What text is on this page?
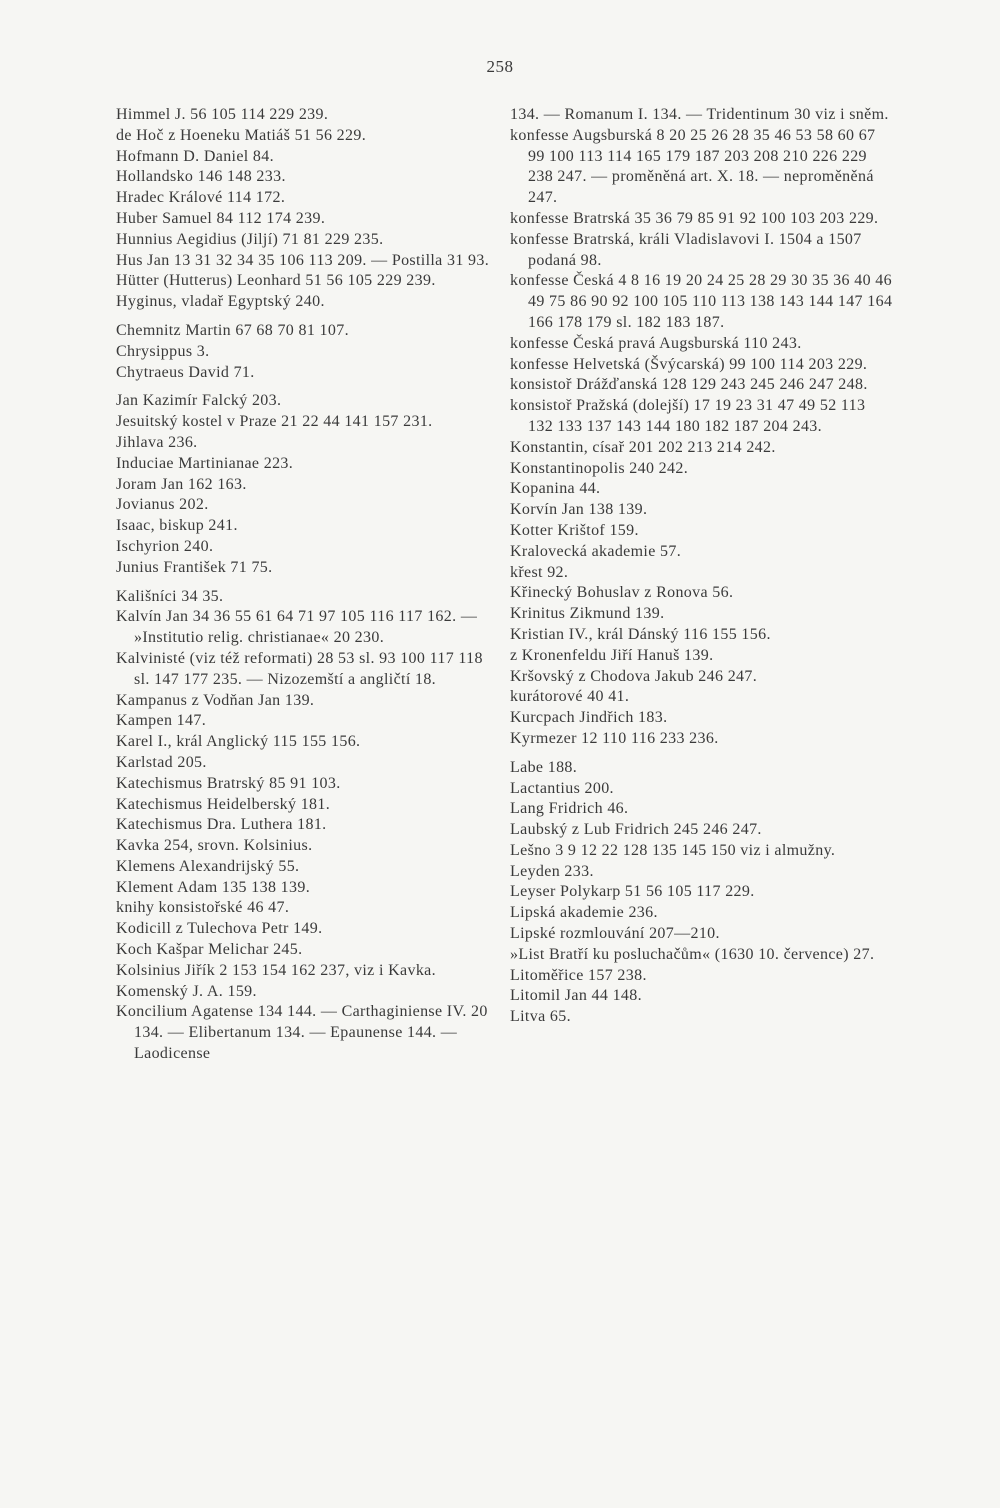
258
Himmel J. 56 105 114 229 239.
de Hoč z Hoeneku Matiáš 51 56 229.
Hofmann D. Daniel 84.
Hollandsko 146 148 233.
Hradec Králové 114 172.
Huber Samuel 84 112 174 239.
Hunnius Aegidius (Jiljí) 71 81 229 235.
Hus Jan 13 31 32 34 35 106 113 209. — Postilla 31 93.
Hütter (Hutterus) Leonhard 51 56 105 229 239.
Hyginus, vladař Egyptský 240.
Chemnitz Martin 67 68 70 81 107.
Chrysippus 3.
Chytraeus David 71.
Jan Kazimír Falcký 203.
Jesuitský kostel v Praze 21 22 44 141 157 231.
Jihlava 236.
Induciae Martinianae 223.
Joram Jan 162 163.
Jovianus 202.
Isaac, biskup 241.
Ischyrion 240.
Junius František 71 75.
Kališníci 34 35.
Kalvín Jan 34 36 55 61 64 71 97 105 116 117 162. — »Institutio relig. christianae« 20 230.
Kalvinisté (viz též reformati) 28 53 sl. 93 100 117 118 sl. 147 177 235. — Nizozemští a angličtí 18.
Kampanus z Vodňan Jan 139.
Kampen 147.
Karel I., král Anglický 115 155 156.
Karlstad 205.
Katechismus Bratrský 85 91 103.
Katechismus Heidelberský 181.
Katechismus Dra. Luthera 181.
Kavka 254, srovn. Kolsinius.
Klemens Alexandrijský 55.
Klement Adam 135 138 139.
knihy konsistořské 46 47.
Kodicill z Tulechova Petr 149.
Koch Kašpar Melichar 245.
Kolsinius Jiřík 2 153 154 162 237, viz i Kavka.
Komenský J. A. 159.
Koncilium Agatense 134 144. — Carthaginiense IV. 20 134. — Elibertanum 134. — Epaunense 144. — Laodicense
134. — Romanum I. 134. — Tridentinum 30 viz i sněm.
konfesse Augsburská 8 20 25 26 28 35 46 53 58 60 67 99 100 113 114 165 179 187 203 208 210 226 229 238 247. — proměněná art. X. 18. — neproměněná 247.
konfesse Bratrská 35 36 79 85 91 92 100 103 203 229.
konfesse Bratrská, králi Vladislavovi I. 1504 a 1507 podaná 98.
konfesse Česká 4 8 16 19 20 24 25 28 29 30 35 36 40 46 49 75 86 90 92 100 105 110 113 138 143 144 147 164 166 178 179 sl. 182 183 187.
konfesse Česká pravá Augsburská 110 243.
konfesse Helvetská (Švýcarská) 99 100 114 203 229.
konsistoř Drážďanská 128 129 243 245 246 247 248.
konsistoř Pražská (dolejší) 17 19 23 31 47 49 52 113 132 133 137 143 144 180 182 187 204 243.
Konstantin, císař 201 202 213 214 242.
Konstantinopolis 240 242.
Kopanina 44.
Korvín Jan 138 139.
Kotter Krištof 159.
Kralovecká akademie 57.
křest 92.
Křinecký Bohuslav z Ronova 56.
Krinitus Zikmund 139.
Kristian IV., král Dánský 116 155 156.
z Kronenfeldu Jiří Hanuš 139.
Kršovský z Chodova Jakub 246 247.
kurátorové 40 41.
Kurcpach Jindřich 183.
Kyrmezer 12 110 116 233 236.
Labe 188.
Lactantius 200.
Lang Fridrich 46.
Laubský z Lub Fridrich 245 246 247.
Lešno 3 9 12 22 128 135 145 150 viz i almužny.
Leyden 233.
Leyser Polykarp 51 56 105 117 229.
Lipská akademie 236.
Lipské rozmlouvání 207—210.
»List Bratří ku posluchačům« (1630 10. července) 27.
Litoměřice 157 238.
Litomil Jan 44 148.
Litva 65.
